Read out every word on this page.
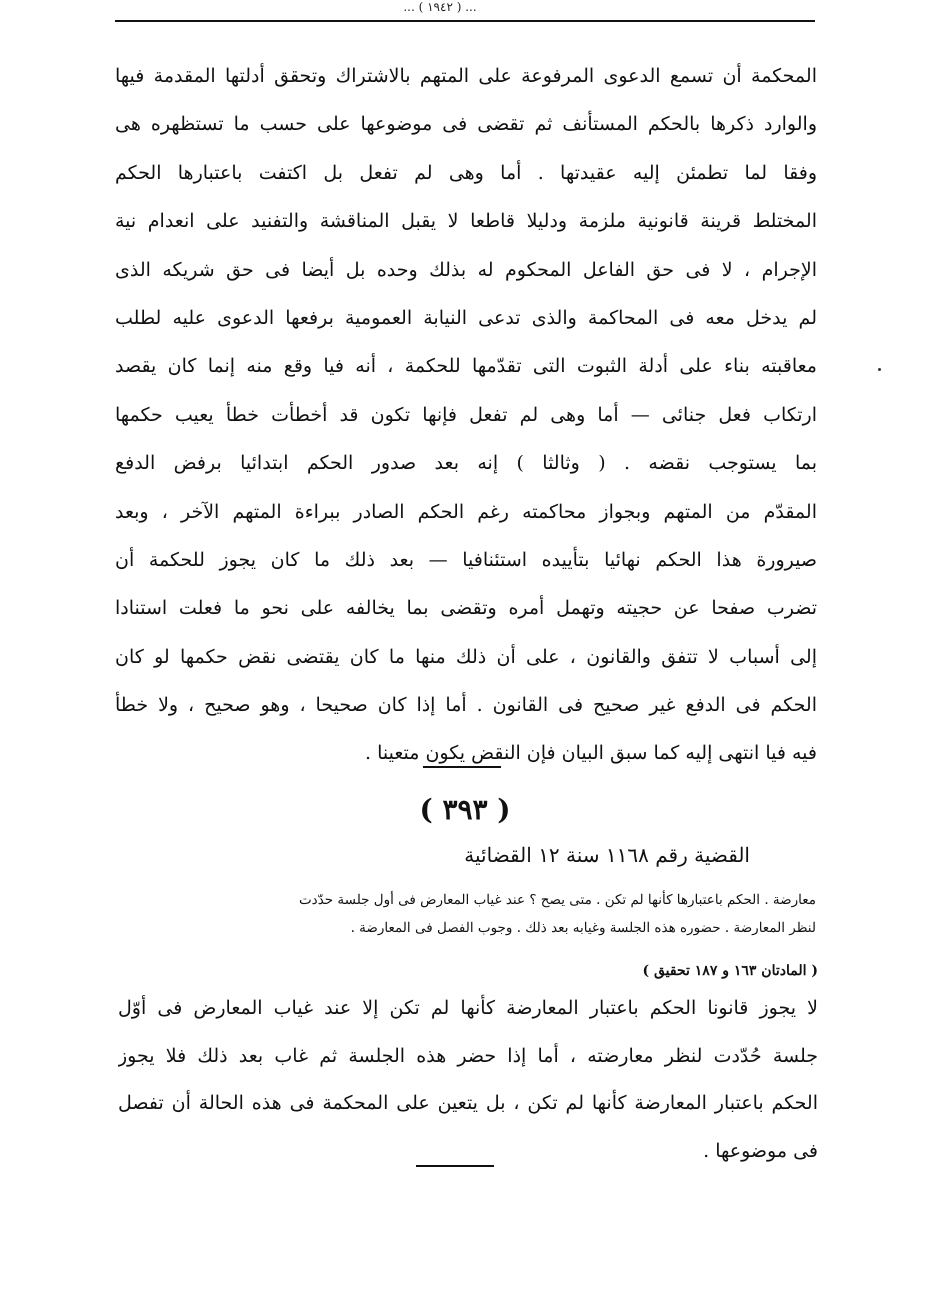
... ( ١٩٤٢ ) ...
المحكمة أن تسمع الدعوى المرفوعة على المتهم بالاشتراك وتحقق أدلتها المقدمة فيها
والوارد ذكرها بالحكم المستأنف ثم تقضى فى موضوعها على حسب ما تستظهره هى
وفقا لما تطمئن إليه عقيدتها . أما وهى لم تفعل بل اكتفت باعتبارها الحكم
المختلط قرينة قانونية ملزمة ودليلا قاطعا لا يقبل المناقشة والتفنيد على انعدام نية
الإجرام ، لا فى حق الفاعل المحكوم له بذلك وحده بل أيضا فى حق شريكه الذى
لم يدخل معه فى المحاكمة والذى تدعى النيابة العمومية برفعها الدعوى عليه لطلب
معاقبته بناء على أدلة الثبوت التى تقدّمها للحكمة ، أنه فيا وقع منه إنما كان يقصد
ارتكاب فعل جنائى — أما وهى لم تفعل فإنها تكون قد أخطأت خطأ يعيب حكمها
بما يستوجب نقضه . ( وثالثا ) إنه بعد صدور الحكم ابتدائيا برفض الدفع
المقدّم من المتهم وبجواز محاكمته رغم الحكم الصادر ببراءة المتهم الآخر ، وبعد
صيرورة هذا الحكم نهائيا بتأييده استئنافيا — بعد ذلك ما كان يجوز للحكمة أن
تضرب صفحا عن حجيته وتهمل أمره وتقضى بما يخالفه على نحو ما فعلت استنادا
إلى أسباب لا تتفق والقانون ، على أن ذلك منها ما كان يقتضى نقض حكمها لو كان
الحكم فى الدفع غير صحيح فى القانون . أما إذا كان صحيحا ، وهو صحيح ، ولا خطأ
فيه فيا انتهى إليه كما سبق البيان فإن النقض يكون متعينا .
( ٣٩٣ )
القضية رقم ١١٦٨ سنة ١٢ القضائية
معارضة . الحكم باعتبارها كأنها لم تكن . متى يصح ؟ عند غياب المعارض فى أول جلسة حدّدت
لنظر المعارضة . حضوره هذه الجلسة وغيابه بعد ذلك . وجوب الفصل فى المعارضة .
( المادتان ١٦٣ و ١٨٧ تحقيق )
لا يجوز قانونا الحكم باعتبار المعارضة كأنها لم تكن إلا عند غياب المعارض فى أوّل
جلسة حُدّدت لنظر معارضته ، أما إذا حضر هذه الجلسة ثم غاب بعد ذلك فلا يجوز
الحكم باعتبار المعارضة كأنها لم تكن ، بل يتعين على المحكمة فى هذه الحالة أن تفصل
فى موضوعها .
